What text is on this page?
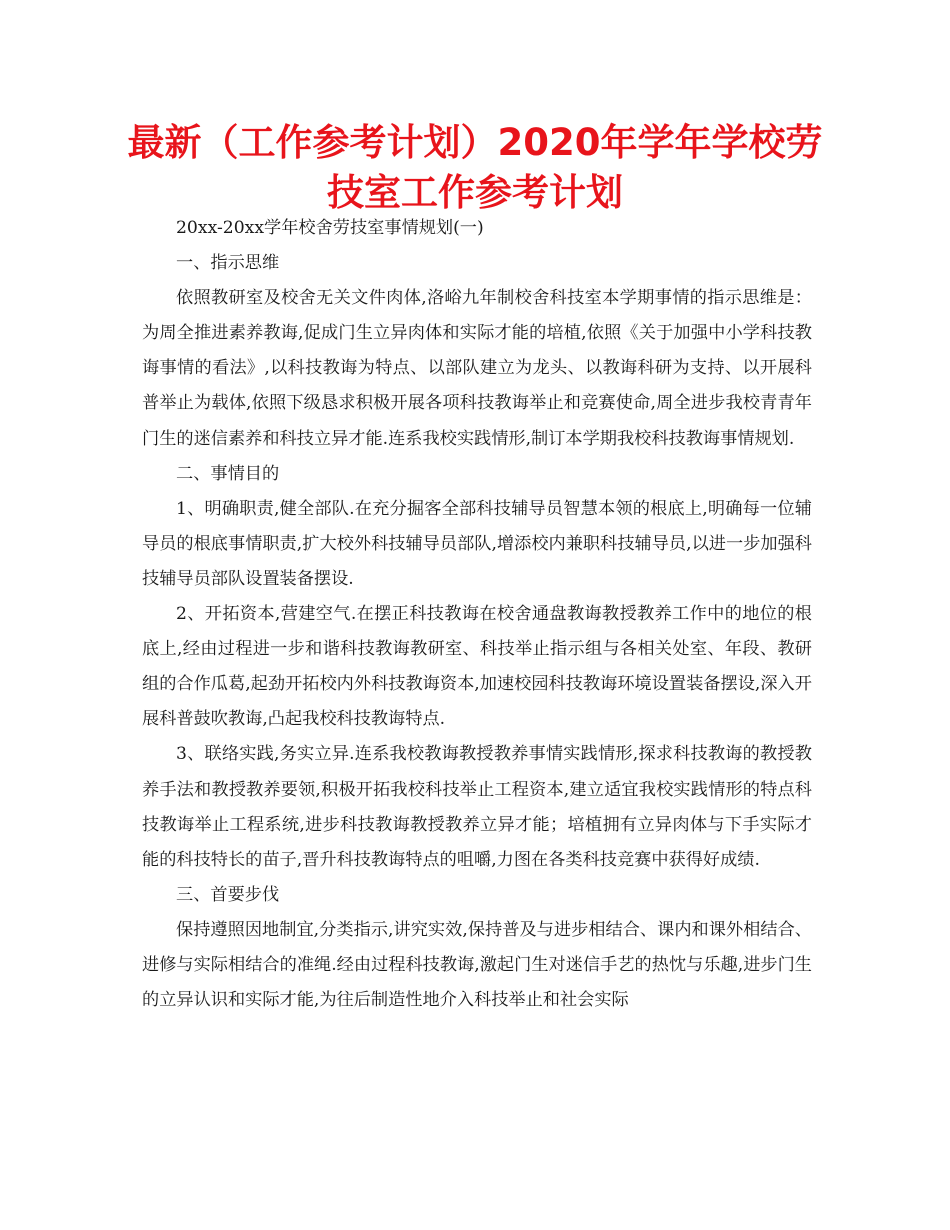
最新（工作参考计划）2020年学年学校劳技室工作参考计划

20xx-20xx学年校舍劳技室事情规划(一)

一、指示思维

依照教研室及校舍无关文件肉体,洛峪九年制校舍科技室本学期事情的指示思维是：为周全推进素养教诲,促成门生立异肉体和实际才能的培植,依照《关于加强中小学科技教诲事情的看法》,以科技教诲为特点、以部队建立为龙头、以教诲科研为支持、以开展科普举止为载体,依照下级恳求积极开展各项科技教诲举止和竞赛使命,周全进步我校青青年门生的迷信素养和科技立异才能.连系我校实践情形,制订本学期我校科技教诲事情规划.

二、事情目的

1、明确职责,健全部队.在充分掘客全部科技辅导员智慧本领的根底上,明确每一位辅导员的根底事情职责,扩大校外科技辅导员部队,增添校内兼职科技辅导员,以进一步加强科技辅导员部队设置装备摆设.

2、开拓资本,营建空气.在摆正科技教诲在校舍通盘教诲教授教养工作中的地位的根底上,经由过程进一步和谐科技教诲教研室、科技举止指示组与各相关处室、年段、教研组的合作瓜葛,起劲开拓校内外科技教诲资本,加速校园科技教诲环境设置装备摆设,深入开展科普鼓吹教诲,凸起我校科技教诲特点.

3、联络实践,务实立异.连系我校教诲教授教养事情实践情形,探求科技教诲的教授教养手法和教授教养要领,积极开拓我校科技举止工程资本,建立适宜我校实践情形的特点科技教诲举止工程系统,进步科技教诲教授教养立异才能；培植拥有立异肉体与下手实际才能的科技特长的苗子,晋升科技教诲特点的咀嚼,力图在各类科技竞赛中获得好成绩.

三、首要步伐

保持遵照因地制宜,分类指示,讲究实效,保持普及与进步相结合、课内和课外相结合、进修与实际相结合的准绳.经由过程科技教诲,激起门生对迷信手艺的热忱与乐趣,进步门生的立异认识和实际才能,为往后制造性地介入科技举止和社会实际
